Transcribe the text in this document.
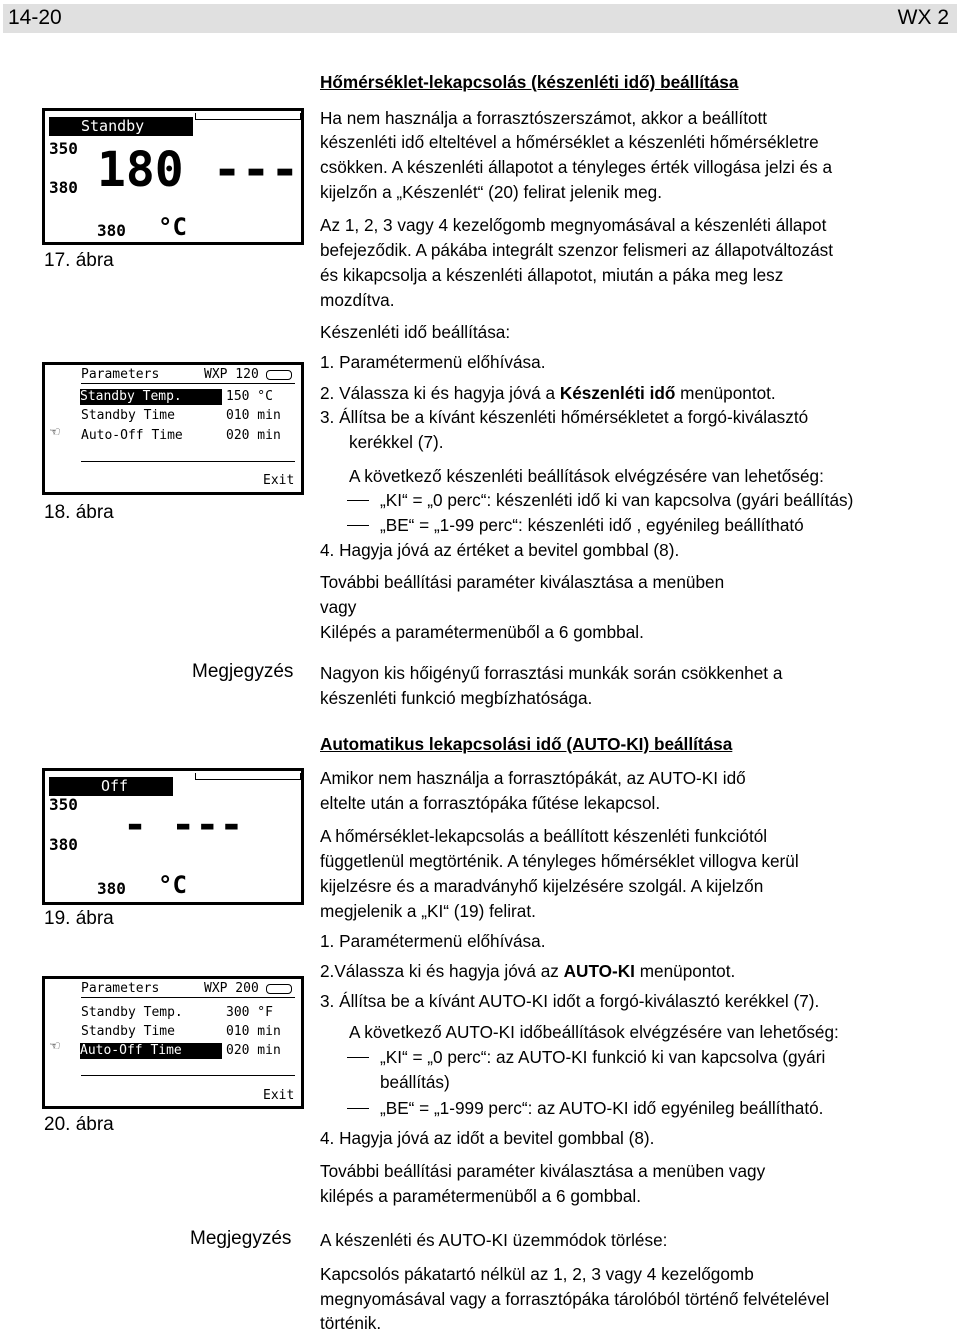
14-20	WX 2
Standby
350
380 180 ---
380 °C
17. ábra
Parameters	WXP 120
Standby Temp.	150 °C
Standby Time	010 min
Auto-Off Time	020 min
☜
Exit
18. ábra
Off
350
380 - ---
380 °C
19. ábra
Parameters	WXP 200
Standby Temp.	300 °F
Standby Time	010 min
Auto-Off Time	020 min
☜
Exit
20. ábra
Megjegyzés
Megjegyzés
Hőmérséklet-lekapcsolás (készenléti idő) beállítása
Ha nem használja a forrasztószerszámot, akkor a beállított
készenléti idő elteltével a hőmérséklet a készenléti hőmérsékletre
csökken. A készenléti állapotot a tényleges érték villogása jelzi és a
kijelzőn a „Készenlét“ (20) felirat jelenik meg.
Az 1, 2, 3 vagy 4 kezelőgomb megnyomásával a készenléti állapot
befejeződik. A pákába integrált szenzor felismeri az állapotváltozást
és kikapcsolja a készenléti állapotot, miután a páka meg lesz
mozdítva.
Készenléti idő beállítása:
1. Paramétermenü előhívása.
2. Válassza ki és hagyja jóvá a Készenléti idő menüpontot.
3. Állítsa be a kívánt készenléti hőmérsékletet a forgó-kiválasztó
kerékkel (7).
A következő készenléti beállítások elvégzésére van lehetőség:
„KI“ = „0 perc“: készenléti idő ki van kapcsolva (gyári beállítás)
„BE“ = „1-99 perc“: készenléti idő , egyénileg beállítható
4. Hagyja jóvá az értéket a bevitel gombbal (8).
További beállítási paraméter kiválasztása a menüben
vagy
Kilépés a paramétermenüből a 6 gombbal.
Nagyon kis hőigényű forrasztási munkák során csökkenhet a
készenléti funkció megbízhatósága.
Automatikus lekapcsolási idő (AUTO-KI) beállítása
Amikor nem használja a forrasztópákát, az AUTO-KI idő
eltelte után a forrasztópáka fűtése lekapcsol.
A hőmérséklet-lekapcsolás a beállított készenléti funkciótól
függetlenül megtörténik. A tényleges hőmérséklet villogva kerül
kijelzésre és a maradványhő kijelzésére szolgál. A kijelzőn
megjelenik a „KI“ (19) felirat.
1. Paramétermenü előhívása.
2.Válassza ki és hagyja jóvá az AUTO-KI menüpontot.
3. Állítsa be a kívánt AUTO-KI időt a forgó-kiválasztó kerékkel (7).
A következő AUTO-KI időbeállítások elvégzésére van lehetőség:
„KI“ = „0 perc“: az AUTO-KI funkció ki van kapcsolva (gyári
beállítás)
„BE“ = „1-999 perc“: az AUTO-KI idő egyénileg beállítható.
4. Hagyja jóvá az időt a bevitel gombbal (8).
További beállítási paraméter kiválasztása a menüben vagy
kilépés a paramétermenüből a 6 gombbal.
A készenléti és AUTO-KI üzemmódok törlése:
Kapcsolós pákatartó nélkül az 1, 2, 3 vagy 4 kezelőgomb
megnyomásával vagy a forrasztópáka tárolóból történő felvételével
történik.
